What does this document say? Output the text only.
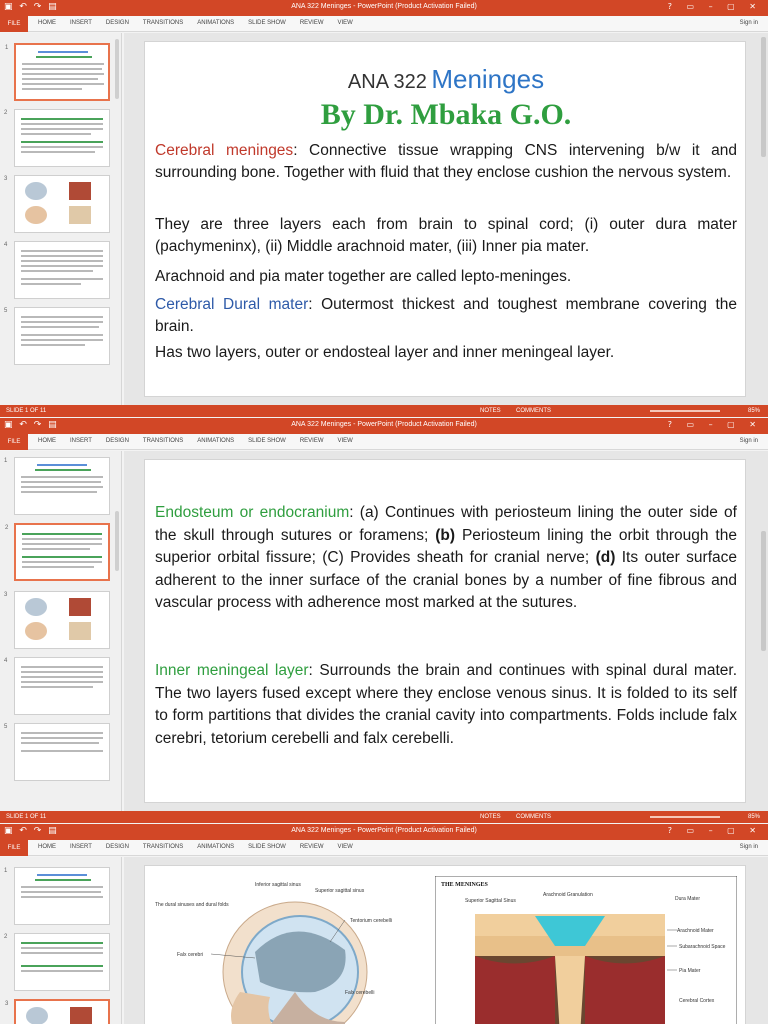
▣ ↶ ↷ ▤	ANA 322 Meninges - PowerPoint (Product Activation Failed)	? ▭ – ▢ ✕
FILE	HOME INSERT DESIGN TRANSITIONS ANIMATIONS SLIDE SHOW REVIEW VIEW	Sign in
1
2
3
4
5
ANA 322 Meninges
By Dr. Mbaka G.O.
Cerebral meninges: Connective tissue wrapping CNS intervening b/w it and surrounding bone. Together with fluid that they enclose cushion the nervous system.
They are three layers each from brain to spinal cord; (i) outer dura mater (pachymeninx), (ii) Middle arachnoid mater, (iii) Inner pia mater.
Arachnoid and pia mater together are called lepto-meninges.
Cerebral Dural mater: Outermost thickest and toughest membrane covering the brain.
Has two layers, outer or endosteal layer and inner meningeal layer.
SLIDE 1 OF 11	NOTES	COMMENTS	85%
▣ ↶ ↷ ▤	ANA 322 Meninges - PowerPoint (Product Activation Failed)	? ▭ – ▢ ✕
FILE	HOME INSERT DESIGN TRANSITIONS ANIMATIONS SLIDE SHOW REVIEW VIEW	Sign in
1
2
3
4
5
Endosteum or endocranium: (a) Continues with periosteum lining the outer side of the skull through sutures or foramens; (b) Periosteum lining the orbit through the superior orbital fissure; (C) Provides sheath for cranial nerve; (d) Its outer surface adherent to the inner surface of the cranial bones by a number of fine fibrous and vascular process with adherence most marked at the sutures.
Inner meningeal layer: Surrounds the brain and continues with spinal dural mater. The two layers fused except where they enclose venous sinus. It is folded to its self to form partitions that divides the cranial cavity into compartments. Folds include falx cerebri, tetorium cerebelli and falx cerebelli.
SLIDE 1 OF 11	NOTES	COMMENTS	85%
▣ ↶ ↷ ▤	ANA 322 Meninges - PowerPoint (Product Activation Failed)	? ▭ – ▢ ✕
FILE	HOME INSERT DESIGN TRANSITIONS ANIMATIONS SLIDE SHOW REVIEW VIEW	Sign in
1
2
3
The dural sinuses and dural folds
Inferior sagittal sinus
Superior sagittal sinus
Tentorium cerebelli
Falx cerebri
Falx cerebelli
THE MENINGES
Arachnoid Granulation
Superior Sagittal Sinus	Dura Mater
Arachnoid Mater
Subarachnoid Space
Pia Mater
Cerebral Cortex
